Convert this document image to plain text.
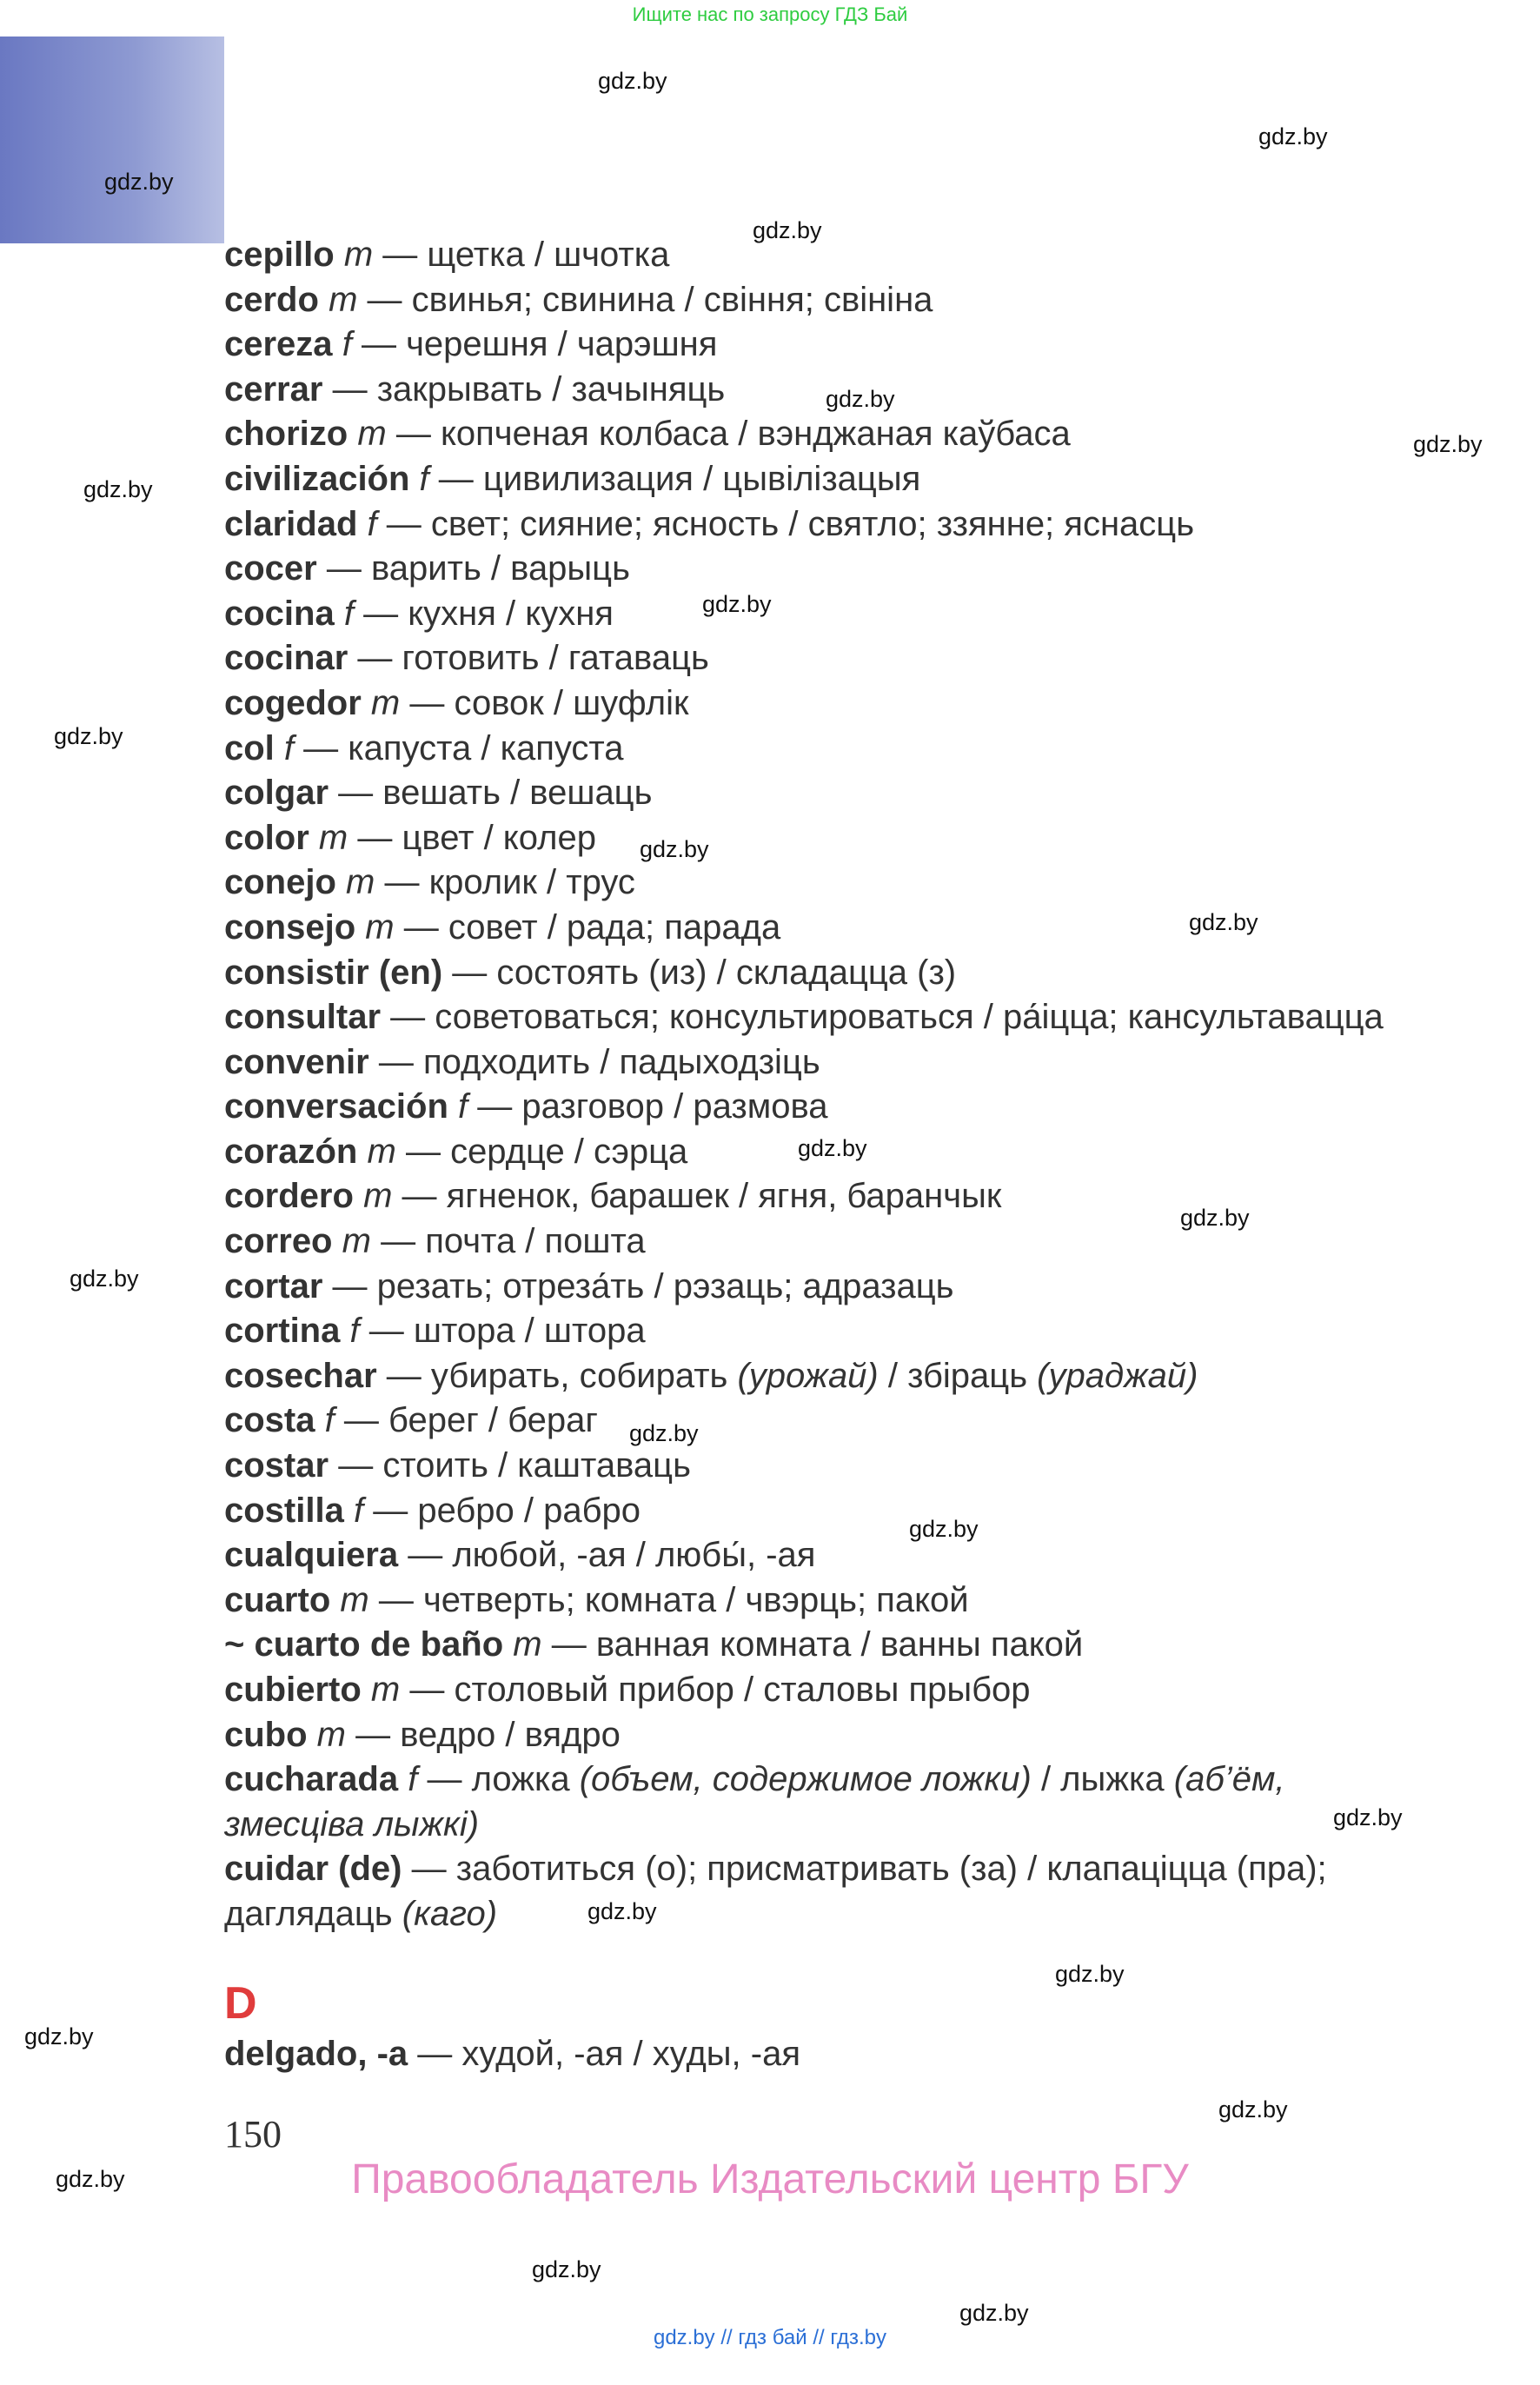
Ищите нас по запросу ГДЗ Бай
gdz.by
gdz.by
gdz.by
gdz.by
gdz.by
gdz.by
gdz.by
gdz.by
gdz.by
gdz.by
gdz.by
gdz.by
gdz.by
gdz.by
gdz.by
gdz.by
gdz.by
gdz.by
gdz.by
gdz.by
gdz.by
gdz.by
gdz.by
gdz.by

cepillo m — щетка / шчотка

cerdo m — свинья; свинина / свіння; свініна

cereza f — черешня / чарэшня

cerrar — закрывать / зачыняць

chorizo m — копченая колбаса / вэнджаная каўбаса

civilización f — цивилизация / цывілізацыя

claridad f — свет; сияние; ясность / святло; ззянне; яснасць

cocer — варить / варыць

cocina f — кухня / кухня

cocinar — готовить / гатаваць

cogedor m — совок / шуфлік

col f — капуста / капуста

colgar — вешать / вешаць

color m — цвет / колер

conejo m — кролик / трус

consejo m — совет / рада; парада

consistir (en) — состоять (из) / складацца (з)

consultar — советоваться; консультироваться / ра́іцца; кансультавацца

convenir — подходить / падыходзіць

conversación f — разговор / размова

corazón m — сердце / сэрца

cordero m — ягненок, барашек / ягня, баранчык

correo m — почта / пошта

cortar — резать; отреза́ть / рэзаць; адразаць

cortina f — штора / штора

cosechar — убирать, собирать (урожай) / збіраць (ураджай)

costa f — берег / бераг

costar — стоить / каштаваць

costilla f — ребро / рабро

cualquiera — любой, -ая / любы́, -ая

cuarto m — четверть; комната / чвэрць; пакой

~ cuarto de baño m — ванная комната / ванны пакой

cubierto m — столовый прибор / сталовы прыбор

cubo m — ведро / вядро

cucharada f — ложка (объем, содержимое ложки) / лыжка (аб’ём, змесціва лыжкі)

cuidar (de) — заботиться (о); присматривать (за) / клапаціцца (пра); даглядаць (каго)

D

delgado, -a — худой, -ая / худы, -ая

150
Правообладатель Издательский центр БГУ
gdz.by // гдз бай // гдз.by
